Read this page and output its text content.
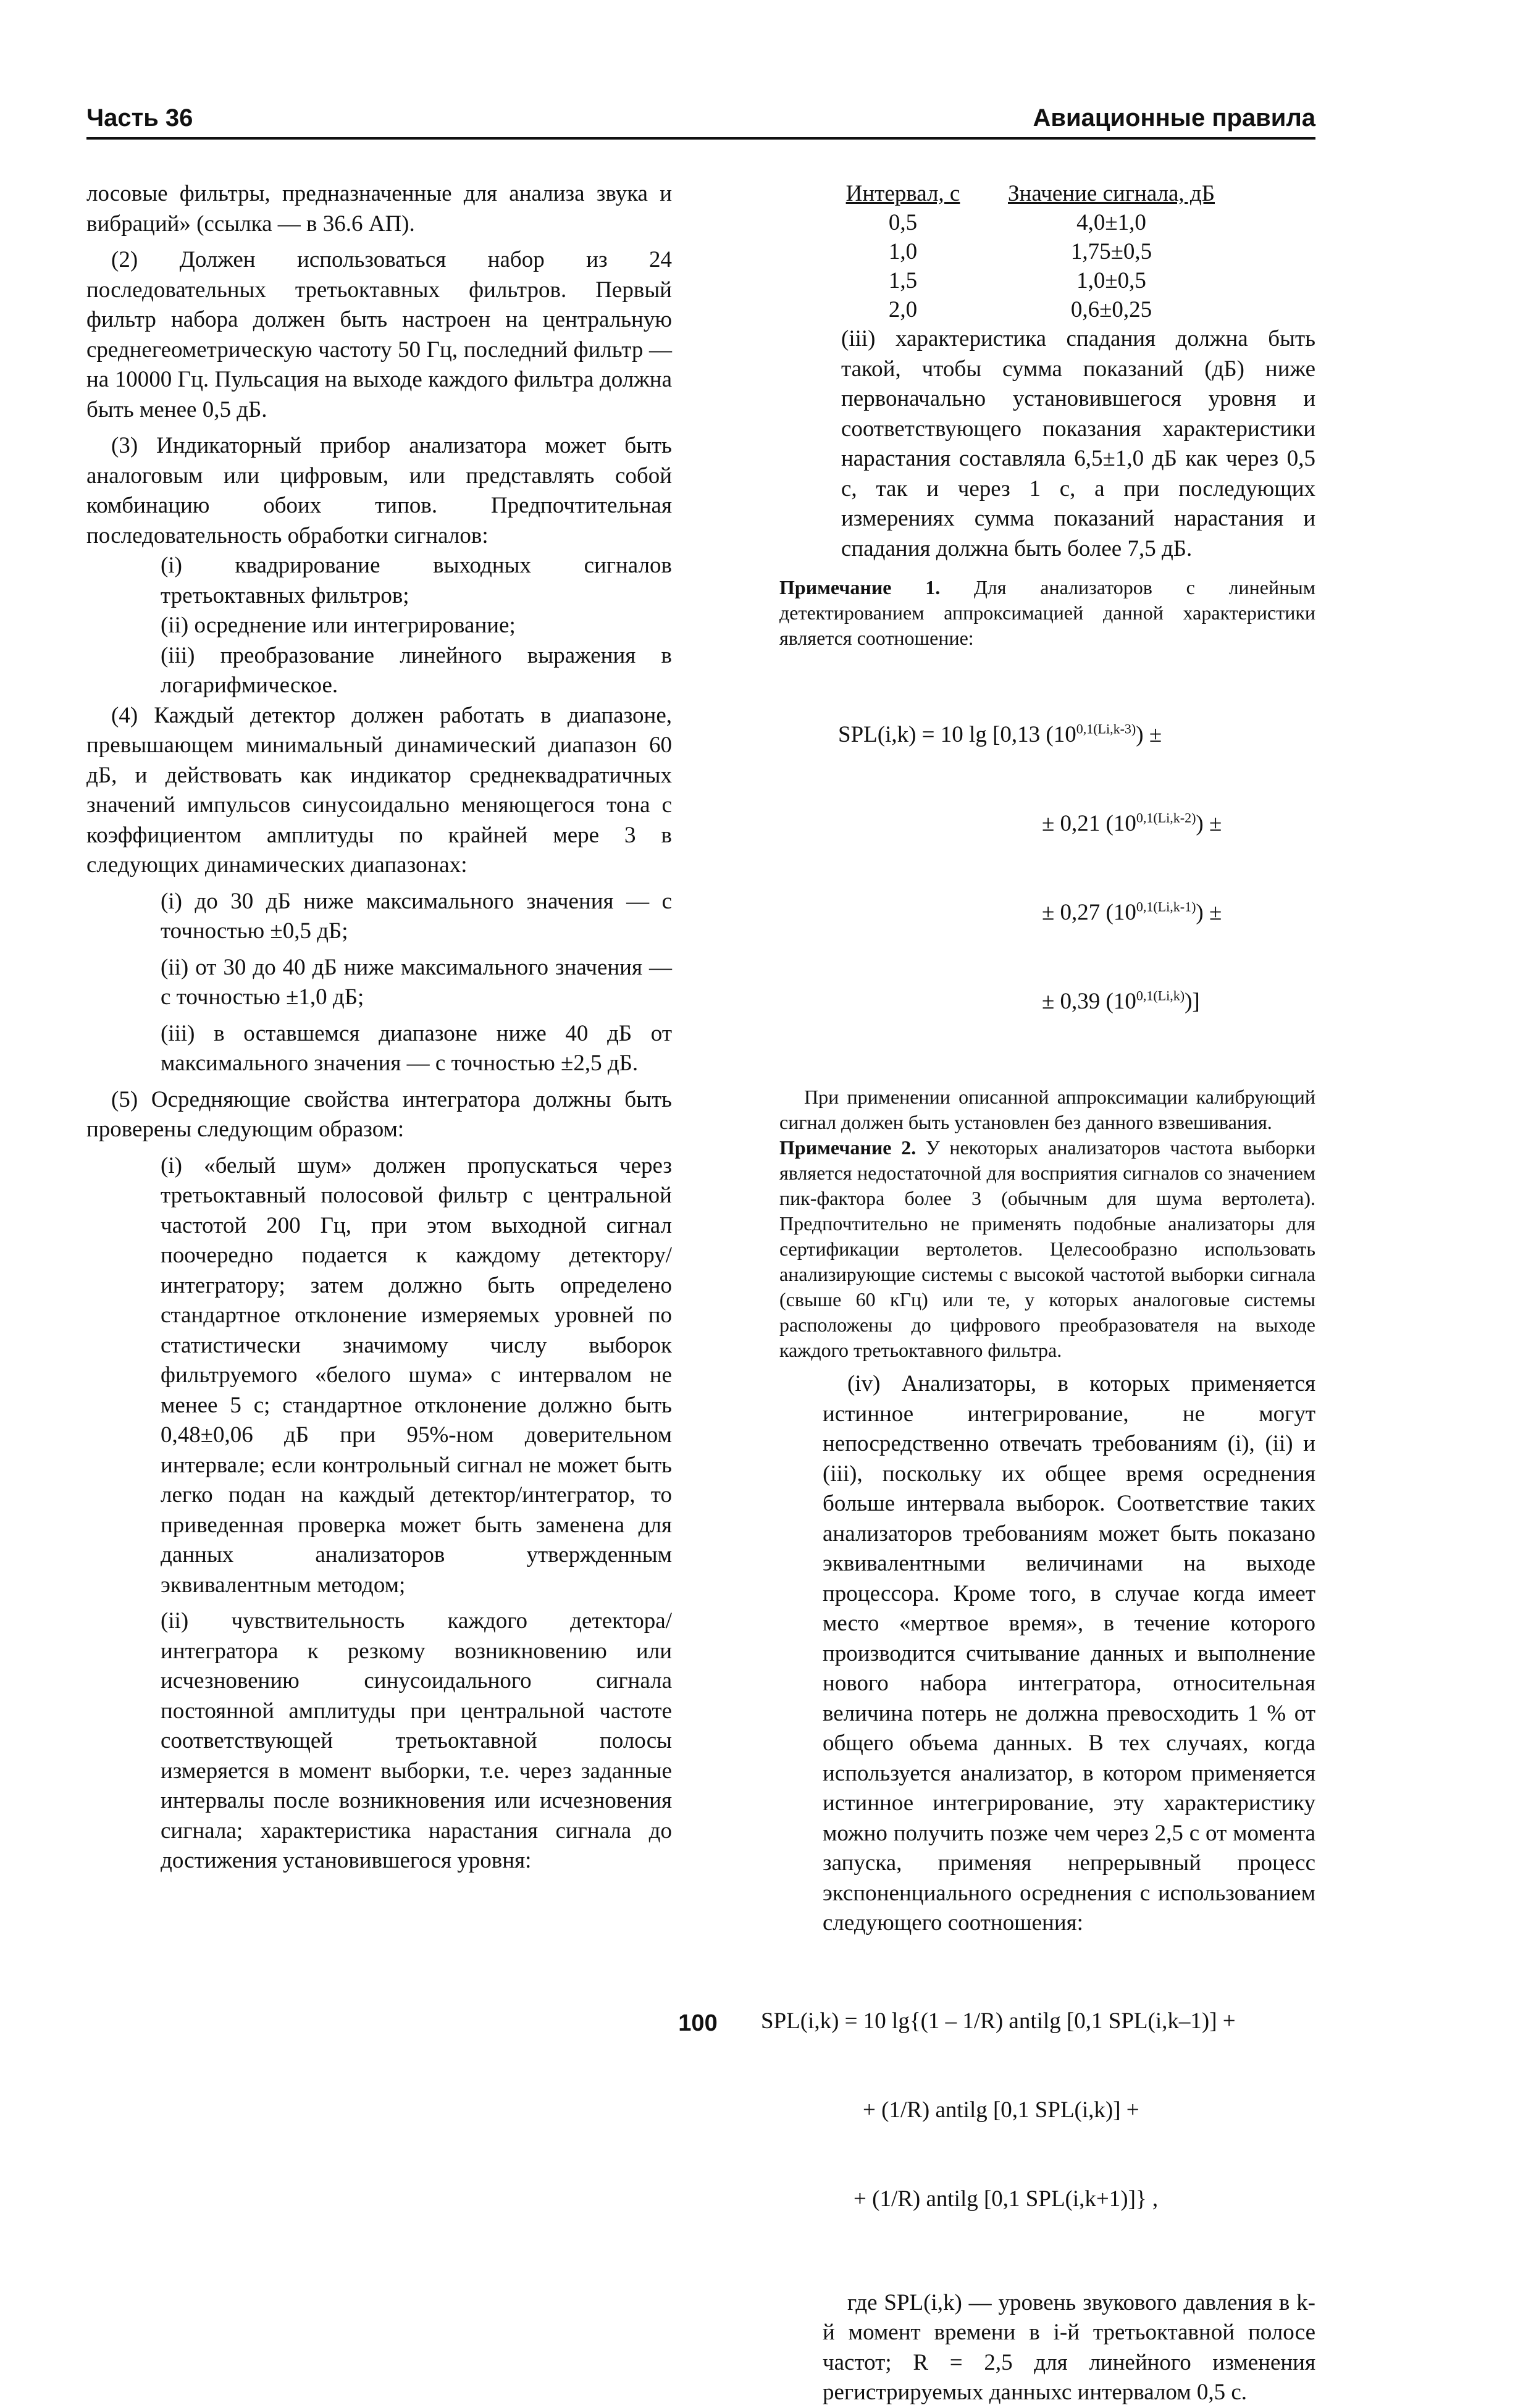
Часть 36	Авиационные правила

лосовые фильтры, предназначенные для анализа звука и вибраций» (ссылка — в 36.6 АП).

(2) Должен использоваться набор из 24 последовательных третьоктавных фильтров. Первый фильтр набора должен быть настроен на центральную среднегеометрическую частоту 50 Гц, последний фильтр — на 10000 Гц. Пульсация на выходе каждого фильтра должна быть менее 0,5 дБ.

(3) Индикаторный прибор анализатора может быть аналоговым или цифровым, или представлять собой комбинацию обоих типов. Предпочтительная последовательность обработки сигналов:

(i) квадрирование выходных сигналов третьоктавных фильтров;

(ii) осреднение или интегрирование;

(iii) преобразование линейного выражения в логарифмическое.

(4) Каждый детектор должен работать в диапазоне, превышающем минимальный динамический диапазон 60 дБ, и действовать как индикатор среднеквадратичных значений импульсов синусоидально меняющегося тона с коэффициентом амплитуды по крайней мере 3 в следующих динамических диапазонах:

(i) до 30 дБ ниже максимального значения — с точностью ±0,5 дБ;

(ii) от 30 до 40 дБ ниже максимального значения — с точностью ±1,0 дБ;

(iii) в оставшемся диапазоне ниже 40 дБ от максимального значения — с точностью ±2,5 дБ.

(5) Осредняющие свойства интегратора должны быть проверены следующим образом:

(i) «белый шум» должен пропускаться через третьоктавный полосовой фильтр с центральной частотой 200 Гц, при этом выходной сигнал поочередно подается к каждому детектору/интегратору; затем должно быть определено стандартное отклонение измеряемых уровней по статистически значимому числу выборок фильтруемого «белого шума» с интервалом не менее 5 с; стандартное отклонение должно быть 0,48±0,06 дБ при 95%-ном доверительном интервале; если контрольный сигнал не может быть легко подан на каждый детектор/интегратор, то приведенная проверка может быть заменена для данных анализаторов утвержденным эквивалентным методом;

(ii) чувствительность каждого детектора/интегратора к резкому возникновению или исчезновению синусоидального сигнала постоянной амплитуды при центральной частоте соответствующей третьоктавной полосы измеряется в момент выборки, т.е. через заданные интервалы после возникновения или исчезновения сигнала; характеристика нарастания сигнала до достижения установившегося уровня:

Интервал, с	Значение сигнала, дБ
0,5	4,0±1,0
1,0	1,75±0,5
1,5	1,0±0,5
2,0	0,6±0,25

(iii) характеристика спадания должна быть такой, чтобы сумма показаний (дБ) ниже первоначально установившегося уровня и соответствующего показания характеристики нарастания составляла 6,5±1,0 дБ как через 0,5 с, так и через 1 с, а при последующих измерениях сумма показаний нарастания и спадания должна быть более 7,5 дБ.

Примечание 1. Для анализаторов с линейным детектированием аппроксимацией данной характеристики является соотношение:

SPL(i,k) = 10 lg [0,13 $(10^{0,1(Li,k-3)})$ ±

± 0,21 $(10^{0,1(Li,k-2)})$ ±

± 0,27 $(10^{0,1(Li,k-1)})$ ±

± 0,39 $(10^{0,1(Li,k)})$]

При применении описанной аппроксимации калибрующий сигнал должен быть установлен без данного взвешивания.

Примечание 2. У некоторых анализаторов частота выборки является недостаточной для восприятия сигналов со значением пик-фактора более 3 (обычным для шума вертолета). Предпочтительно не применять подобные анализаторы для сертификации вертолетов. Целесообразно использовать анализирующие системы с высокой частотой выборки сигнала (свыше 60 кГц) или те, у которых аналоговые системы расположены до цифрового преобразователя на выходе каждого третьоктавного фильтра.

(iv) Анализаторы, в которых применяется истинное интегрирование, не могут непосредственно отвечать требованиям (i), (ii) и (iii), поскольку их общее время осреднения больше интервала выборок. Соответствие таких анализаторов требованиям может быть показано эквивалентными величинами на выходе процессора. Кроме того, в случае когда имеет место «мертвое время», в течение которого производится считывание данных и выполнение нового набора интегратора, относительная величина потерь не должна превосходить 1 % от общего объема данных. В тех случаях, когда используется анализатор, в котором применяется истинное интегрирование, эту характеристику можно получить позже чем через 2,5 с от момента запуска, применяя непрерывный процесс экспоненциального осреднения с использованием следующего соотношения:

SPL(i,k) = 10 lg{(1 – 1/R) antilg [0,1 SPL(i,k–1)] +

+ (1/R) antilg [0,1 SPL(i,k)] +

+ (1/R) antilg [0,1 SPL(i,k+1)]} ,

где SPL(i,k) — уровень звукового давления в k-й момент времени в i-й третьоктавной полосе частот; R = 2,5 для линейного изменения регистрируемых данныхс интервалом 0,5 с.

100
